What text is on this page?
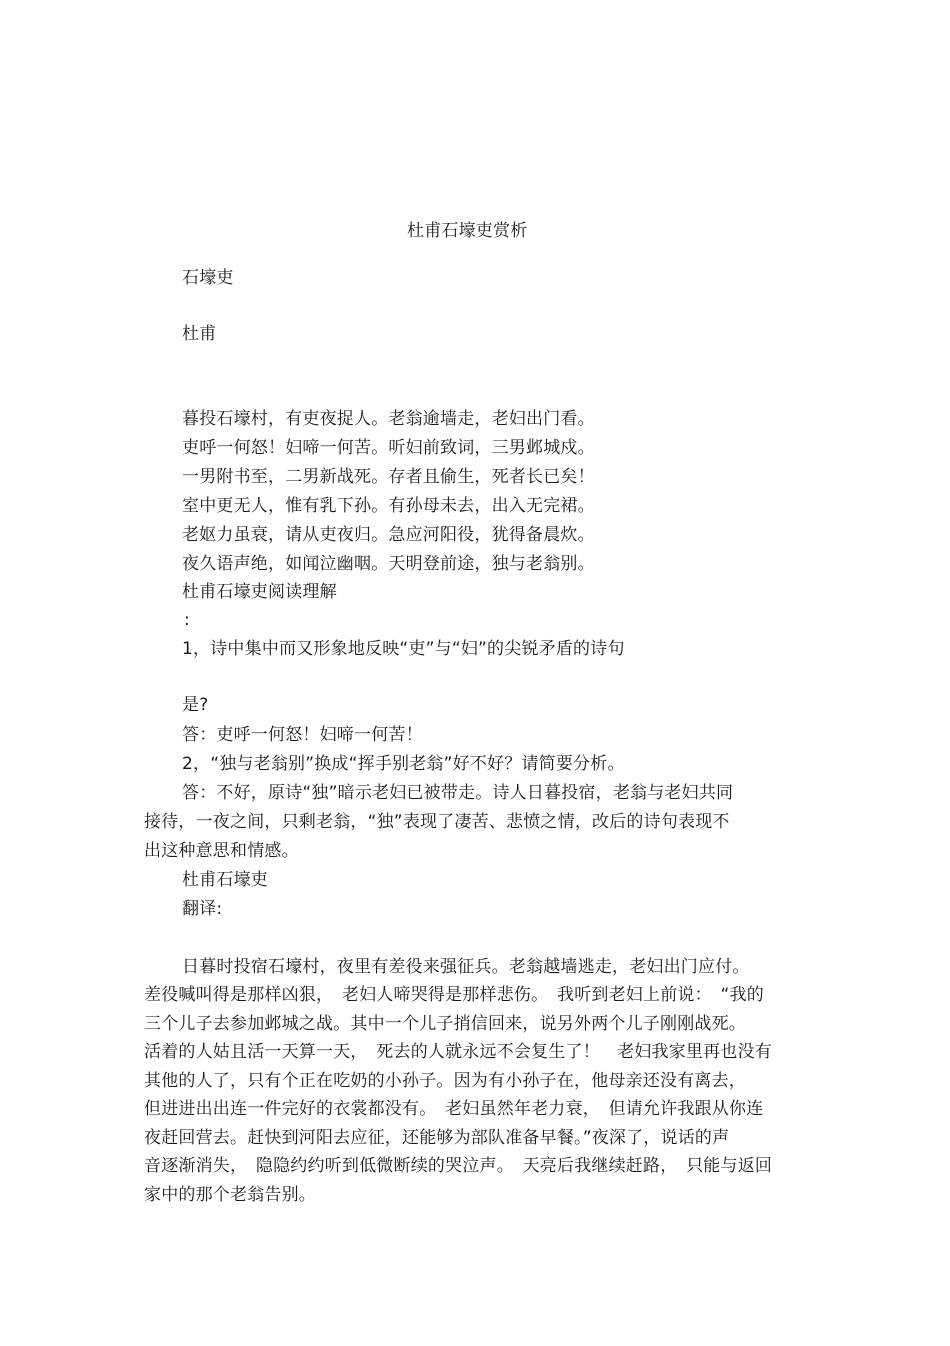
杜甫石壕吏赏析
石壕吏
杜甫
暮投石壕村，有吏夜捉人。老翁逾墙走，老妇出门看。
吏呼一何怒！妇啼一何苦。听妇前致词，三男邺城戍。
一男附书至，二男新战死。存者且偷生，死者长已矣！
室中更无人，惟有乳下孙。有孙母未去，出入无完裙。
老妪力虽衰，请从吏夜归。急应河阳役，犹得备晨炊。
夜久语声绝，如闻泣幽咽。天明登前途，独与老翁别。
杜甫石壕吏阅读理解
:
1，诗中集中而又形象地反映“吏”与“妇”的尖锐矛盾的诗句
是?
答：吏呼一何怒！妇啼一何苦！
2，“独与老翁别”换成“挥手别老翁”好不好？请简要分析。
答：不好，原诗“独”暗示老妇已被带走。诗人日暮投宿，老翁与老妇共同
接待，一夜之间，只剩老翁，“独”表现了凄苦、悲愤之情，改后的诗句表现不
出这种意思和情感。
杜甫石壕吏
翻译:
日暮时投宿石壕村，夜里有差役来强征兵。老翁越墙逃走，老妇出门应付。
差役喊叫得是那样凶狠，　老妇人啼哭得是那样悲伤。　我听到老妇上前说：　“我的
三个儿子去参加邺城之战。其中一个儿子捎信回来，说另外两个儿子刚刚战死。
活着的人姑且活一天算一天，　死去的人就永远不会复生了！　老妇我家里再也没有
其他的人了，只有个正在吃奶的小孙子。因为有小孙子在，他母亲还没有离去，
但进进出出连一件完好的衣裳都没有。　老妇虽然年老力衰，　但请允许我跟从你连
夜赶回营去。赶快到河阳去应征，还能够为部队准备早餐。”夜深了，说话的声
音逐渐消失，　隐隐约约听到低微断续的哭泣声。　天亮后我继续赶路，　只能与返回
家中的那个老翁告别。
